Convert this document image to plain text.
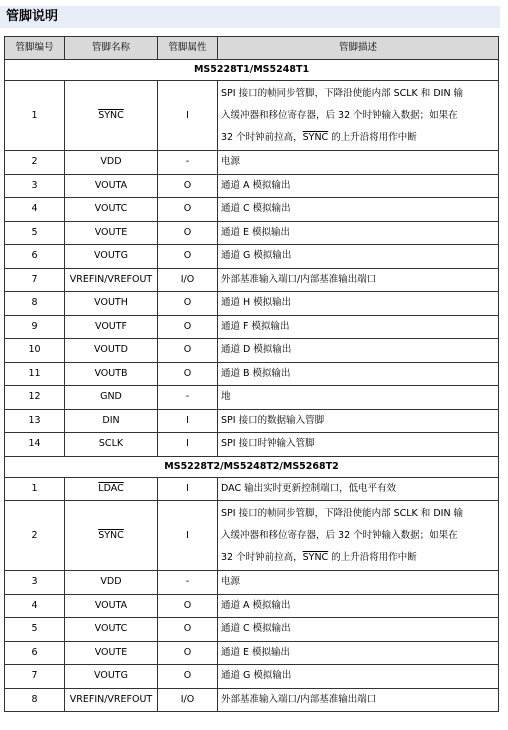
管脚说明
管脚编号	管脚名称	管脚属性	管脚描述
MS5228T1/MS5248T1			
1	SYNC	I	SPI 接口的帧同步管脚，下降沿使能内部 SCLK 和 DIN 输
入缓冲器和移位寄存器，后 32 个时钟输入数据；如果在
32 个时钟前拉高，SYNC 的上升沿将用作中断
2	VDD	-	电源
3	VOUTA	O	通道 A 模拟输出
4	VOUTC	O	通道 C 模拟输出
5	VOUTE	O	通道 E 模拟输出
6	VOUTG	O	通道 G 模拟输出
7	VREFIN/VREFOUT	I/O	外部基准输入端口/内部基准输出端口
8	VOUTH	O	通道 H 模拟输出
9	VOUTF	O	通道 F 模拟输出
10	VOUTD	O	通道 D 模拟输出
11	VOUTB	O	通道 B 模拟输出
12	GND	-	地
13	DIN	I	SPI 接口的数据输入管脚
14	SCLK	I	SPI 接口时钟输入管脚
MS5228T2/MS5248T2/MS5268T2			
1	LDAC	I	DAC 输出实时更新控制端口，低电平有效
2	SYNC	I	SPI 接口的帧同步管脚，下降沿使能内部 SCLK 和 DIN 输
入缓冲器和移位寄存器，后 32 个时钟输入数据；如果在
32 个时钟前拉高，SYNC 的上升沿将用作中断
3	VDD	-	电源
4	VOUTA	O	通道 A 模拟输出
5	VOUTC	O	通道 C 模拟输出
6	VOUTE	O	通道 E 模拟输出
7	VOUTG	O	通道 G 模拟输出
8	VREFIN/VREFOUT	I/O	外部基准输入端口/内部基准输出端口
